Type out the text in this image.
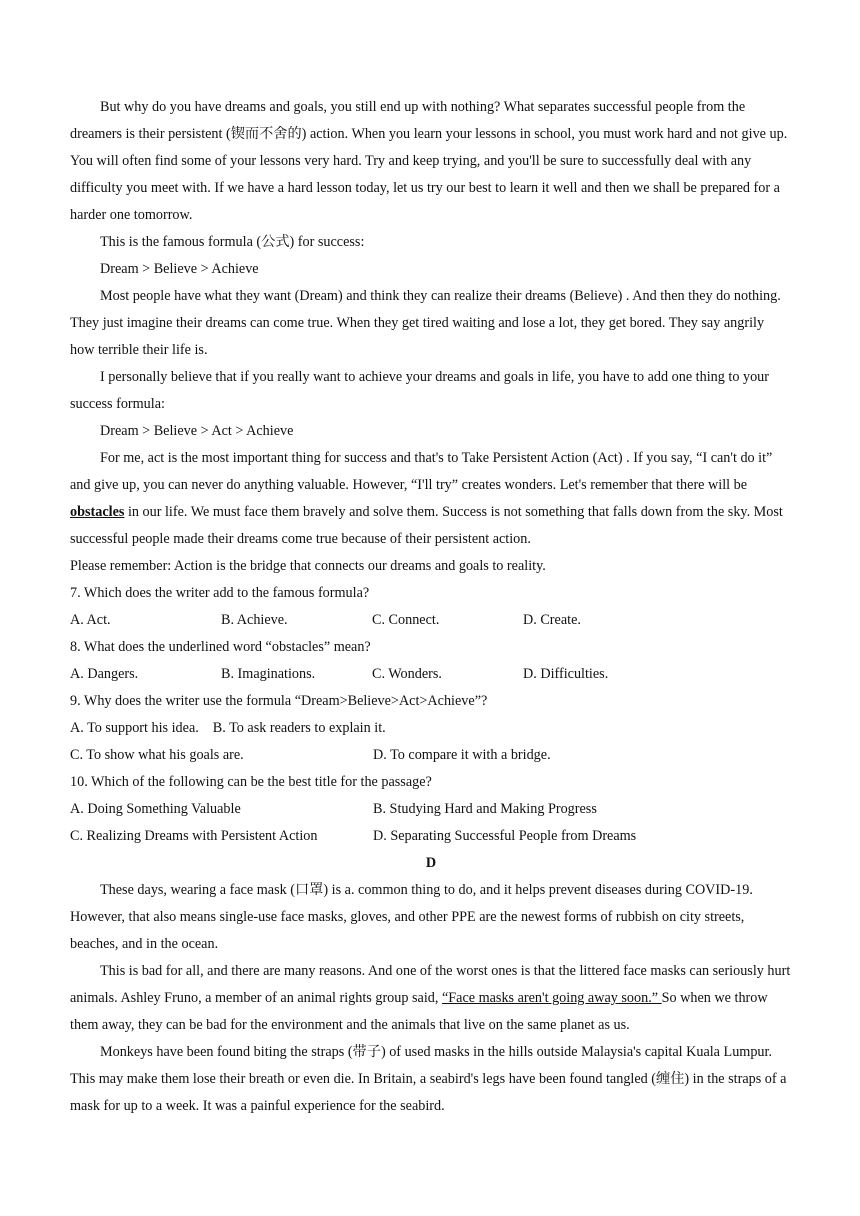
But why do you have dreams and goals, you still end up with nothing? What separates successful people from the dreamers is their persistent (锲而不舍的) action. When you learn your lessons in school, you must work hard and not give up. You will often find some of your lessons very hard. Try and keep trying, and you'll be sure to successfully deal with any difficulty you meet with. If we have a hard lesson today, let us try our best to learn it well and then we shall be prepared for a harder one tomorrow.

This is the famous formula (公式) for success:

Dream > Believe > Achieve

Most people have what they want (Dream) and think they can realize their dreams (Believe) . And then they do nothing. They just imagine their dreams can come true. When they get tired waiting and lose a lot, they get bored. They say angrily how terrible their life is.

I personally believe that if you really want to achieve your dreams and goals in life, you have to add one thing to your success formula:

Dream > Believe > Act > Achieve

For me, act is the most important thing for success and that's to Take Persistent Action (Act) . If you say, “I can't do it” and give up, you can never do anything valuable. However, “I'll try” creates wonders. Let's remember that there will be obstacles in our life. We must face them bravely and solve them. Success is not something that falls down from the sky. Most successful people made their dreams come true because of their persistent action.

Please remember: Action is the bridge that connects our dreams and goals to reality.

7. Which does the writer add to the famous formula?

A. Act.	B. Achieve.	C. Connect.	D. Create.

8. What does the underlined word “obstacles” mean?

A. Dangers.	B. Imaginations.	C. Wonders.	D. Difficulties.

9. Why does the writer use the formula “Dream>Believe>Act>Achieve”?

A. To support his idea. B. To ask readers to explain it.
C. To show what his goals are.	D. To compare it with a bridge.

10. Which of the following can be the best title for the passage?

A. Doing Something Valuable	B. Studying Hard and Making Progress
C. Realizing Dreams with Persistent Action	D. Separating Successful People from Dreams

D

These days, wearing a face mask (口罩) is a. common thing to do, and it helps prevent diseases during COVID-19. However, that also means single-use face masks, gloves, and other PPE are the newest forms of rubbish on city streets, beaches, and in the ocean.

This is bad for all, and there are many reasons. And one of the worst ones is that the littered face masks can seriously hurt animals. Ashley Fruno, a member of an animal rights group said, “Face masks aren't going away soon.” So when we throw them away, they can be bad for the environment and the animals that live on the same planet as us.

Monkeys have been found biting the straps (带子) of used masks in the hills outside Malaysia's capital Kuala Lumpur. This may make them lose their breath or even die. In Britain, a seabird's legs have been found tangled (缠住) in the straps of a mask for up to a week. It was a painful experience for the seabird.
